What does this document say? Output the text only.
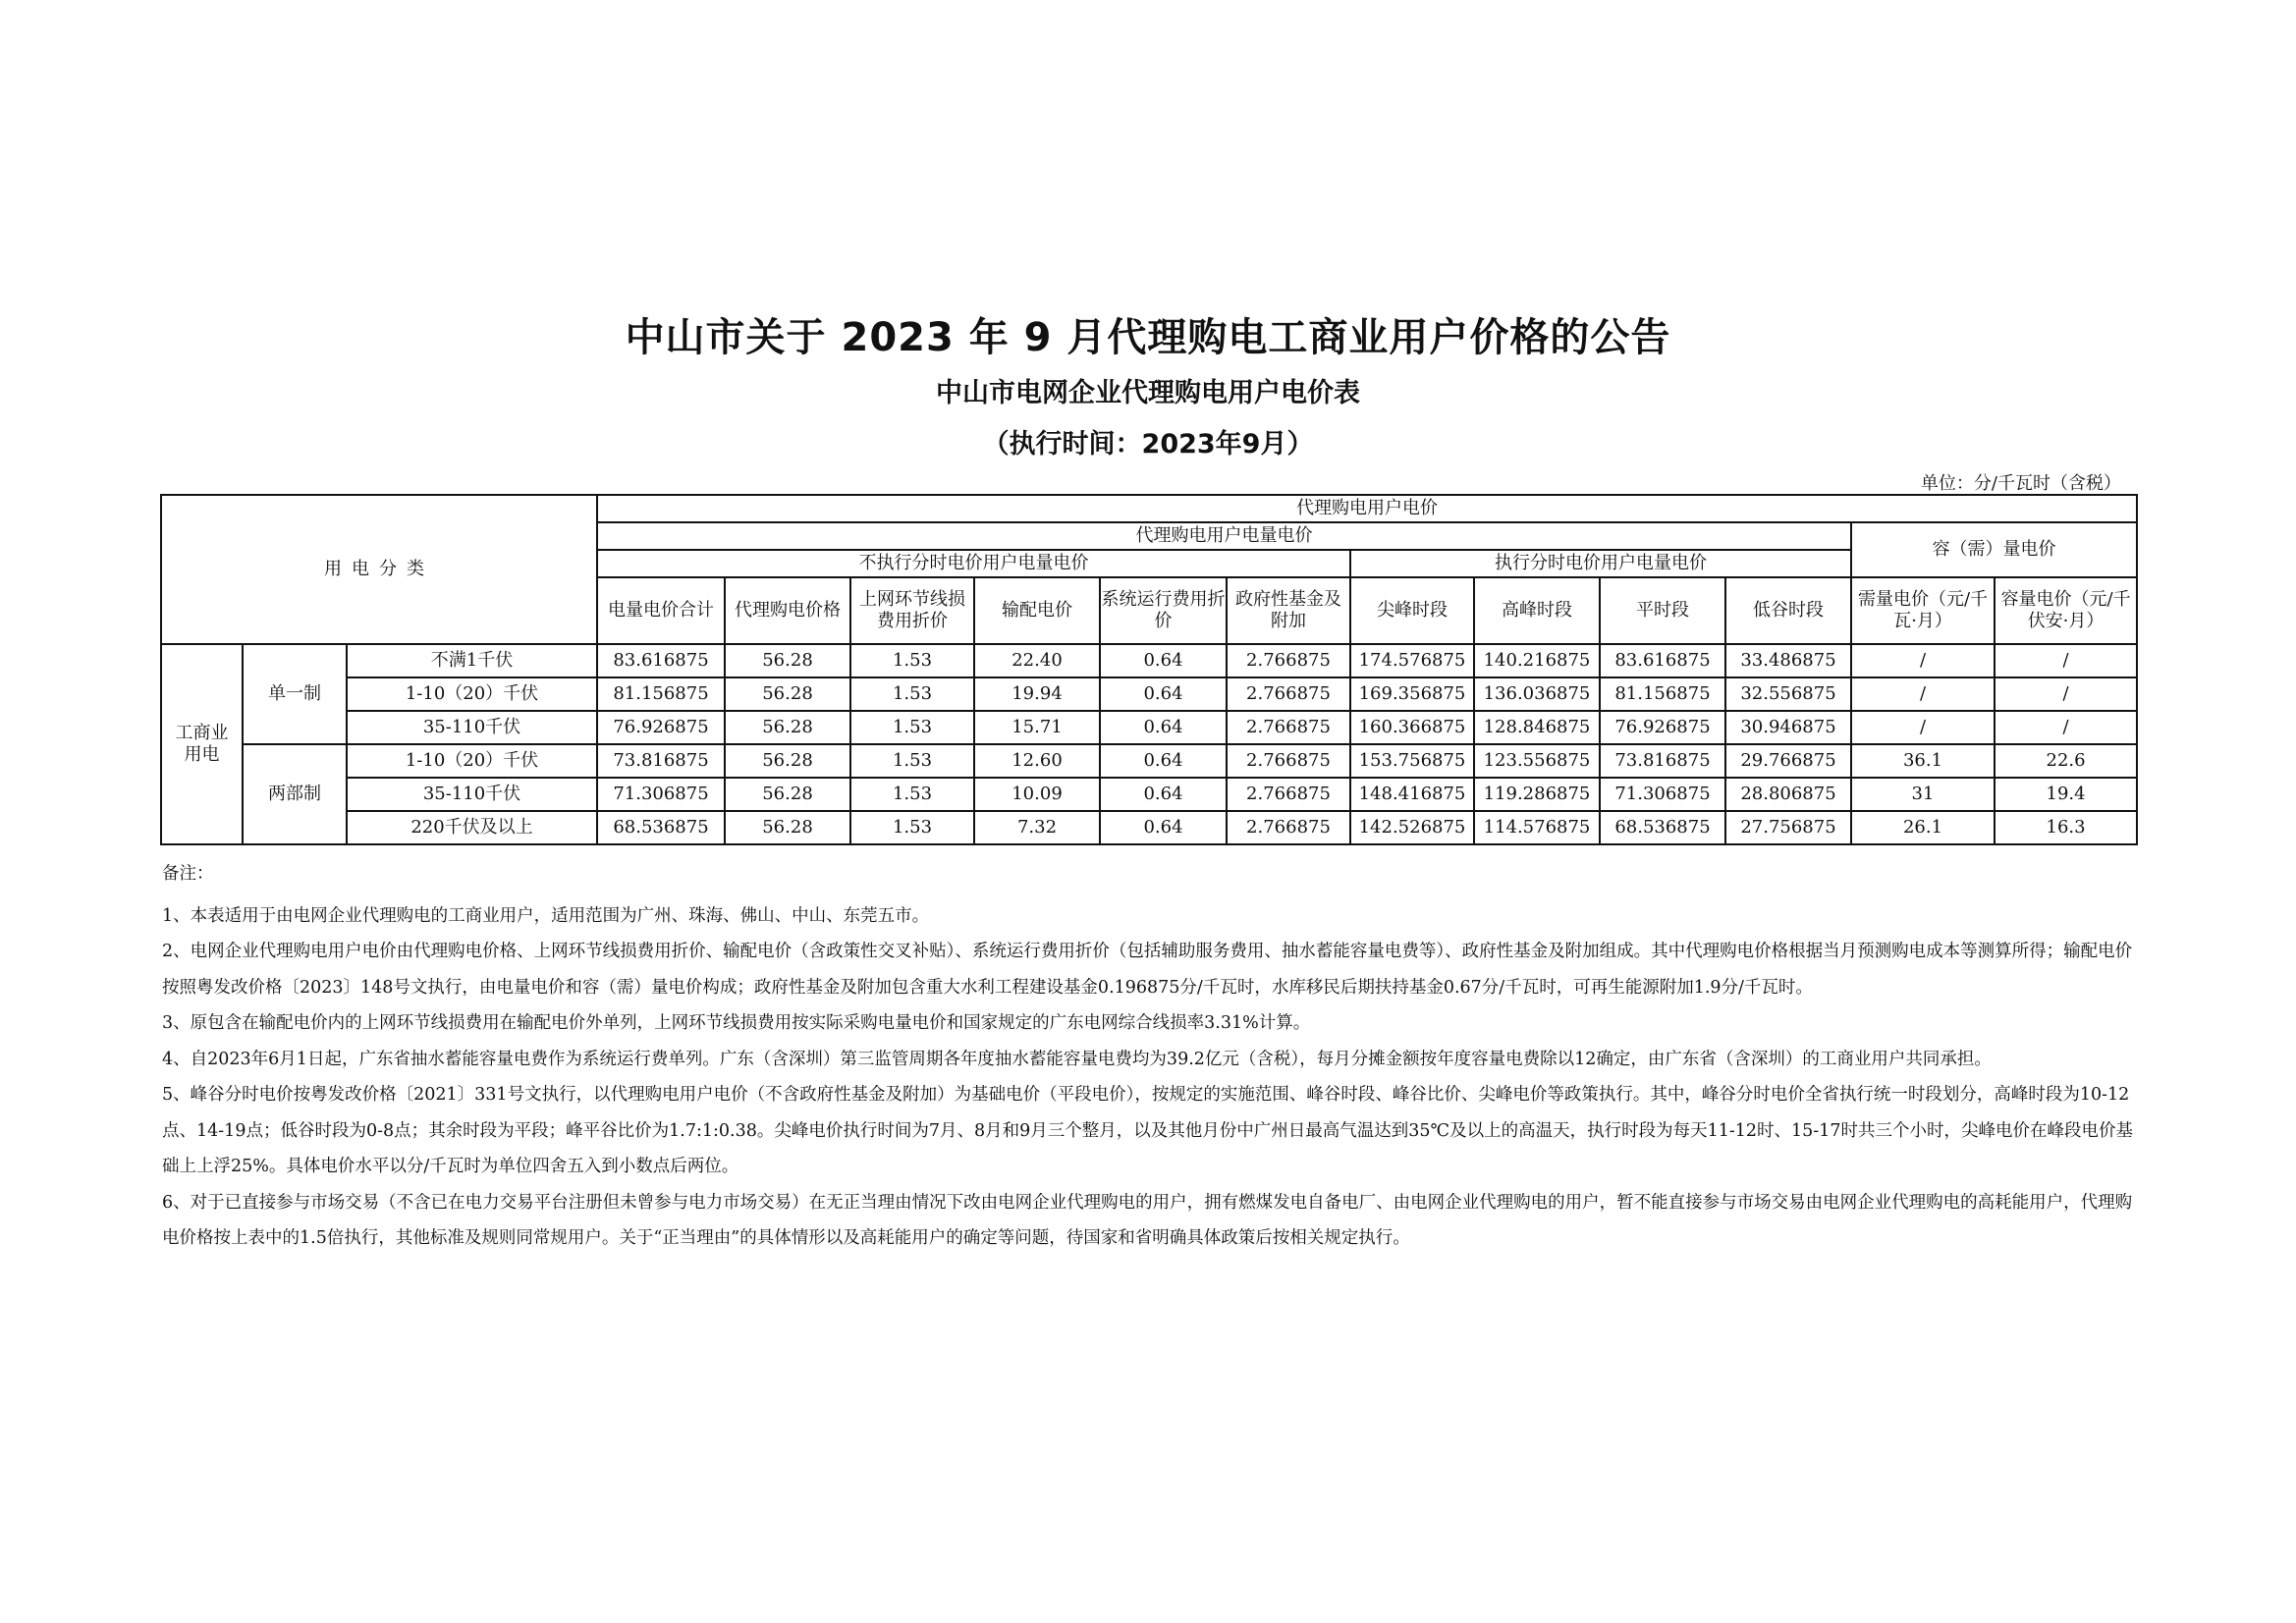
中山市关于 2023 年 9 月代理购电工商业用户价格的公告
中山市电网企业代理购电用户电价表
（执行时间：2023年9月）
单位：分/千瓦时（含税）
用电分类			代理购电用户电价											
			代理购电用户电量电价										容（需）量电价	
			不执行分时电价用户电量电价						执行分时电价用户电量电价					
			电量电价合计	代理购电价格	上网环节线损费用折价	输配电价	系统运行费用折价	政府性基金及附加	尖峰时段	高峰时段	平时段	低谷时段	需量电价（元/千瓦·月）	容量电价（元/千伏安·月）
工商业用电	单一制	不满1千伏	83.616875	56.28	1.53	22.40	0.64	2.766875	174.576875	140.216875	83.616875	33.486875	/	/
		1-10（20）千伏	81.156875	56.28	1.53	19.94	0.64	2.766875	169.356875	136.036875	81.156875	32.556875	/	/
		35-110千伏	76.926875	56.28	1.53	15.71	0.64	2.766875	160.366875	128.846875	76.926875	30.946875	/	/
	两部制	1-10（20）千伏	73.816875	56.28	1.53	12.60	0.64	2.766875	153.756875	123.556875	73.816875	29.766875	36.1	22.6
		35-110千伏	71.306875	56.28	1.53	10.09	0.64	2.766875	148.416875	119.286875	71.306875	28.806875	31	19.4
		220千伏及以上	68.536875	56.28	1.53	7.32	0.64	2.766875	142.526875	114.576875	68.536875	27.756875	26.1	16.3

备注：

1、本表适用于由电网企业代理购电的工商业用户，适用范围为广州、珠海、佛山、中山、东莞五市。

2、电网企业代理购电用户电价由代理购电价格、上网环节线损费用折价、输配电价（含政策性交叉补贴）、系统运行费用折价（包括辅助服务费用、抽水蓄能容量电费等）、政府性基金及附加组成。其中代理购电价格根据当月预测购电成本等测算所得；输配电价按照粤发改价格〔2023〕148号文执行，由电量电价和容（需）量电价构成；政府性基金及附加包含重大水利工程建设基金0.196875分/千瓦时，水库移民后期扶持基金0.67分/千瓦时，可再生能源附加1.9分/千瓦时。

3、原包含在输配电价内的上网环节线损费用在输配电价外单列，上网环节线损费用按实际采购电量电价和国家规定的广东电网综合线损率3.31%计算。

4、自2023年6月1日起，广东省抽水蓄能容量电费作为系统运行费单列。广东（含深圳）第三监管周期各年度抽水蓄能容量电费均为39.2亿元（含税），每月分摊金额按年度容量电费除以12确定，由广东省（含深圳）的工商业用户共同承担。

5、峰谷分时电价按粤发改价格〔2021〕331号文执行，以代理购电用户电价（不含政府性基金及附加）为基础电价（平段电价），按规定的实施范围、峰谷时段、峰谷比价、尖峰电价等政策执行。其中，峰谷分时电价全省执行统一时段划分，高峰时段为10-12点、14-19点；低谷时段为0-8点；其余时段为平段；峰平谷比价为1.7:1:0.38。尖峰电价执行时间为7月、8月和9月三个整月，以及其他月份中广州日最高气温达到35℃及以上的高温天，执行时段为每天11-12时、15-17时共三个小时，尖峰电价在峰段电价基础上上浮25%。具体电价水平以分/千瓦时为单位四舍五入到小数点后两位。

6、对于已直接参与市场交易（不含已在电力交易平台注册但未曾参与电力市场交易）在无正当理由情况下改由电网企业代理购电的用户，拥有燃煤发电自备电厂、由电网企业代理购电的用户，暂不能直接参与市场交易由电网企业代理购电的高耗能用户，代理购电价格按上表中的1.5倍执行，其他标准及规则同常规用户。关于“正当理由”的具体情形以及高耗能用户的确定等问题，待国家和省明确具体政策后按相关规定执行。
